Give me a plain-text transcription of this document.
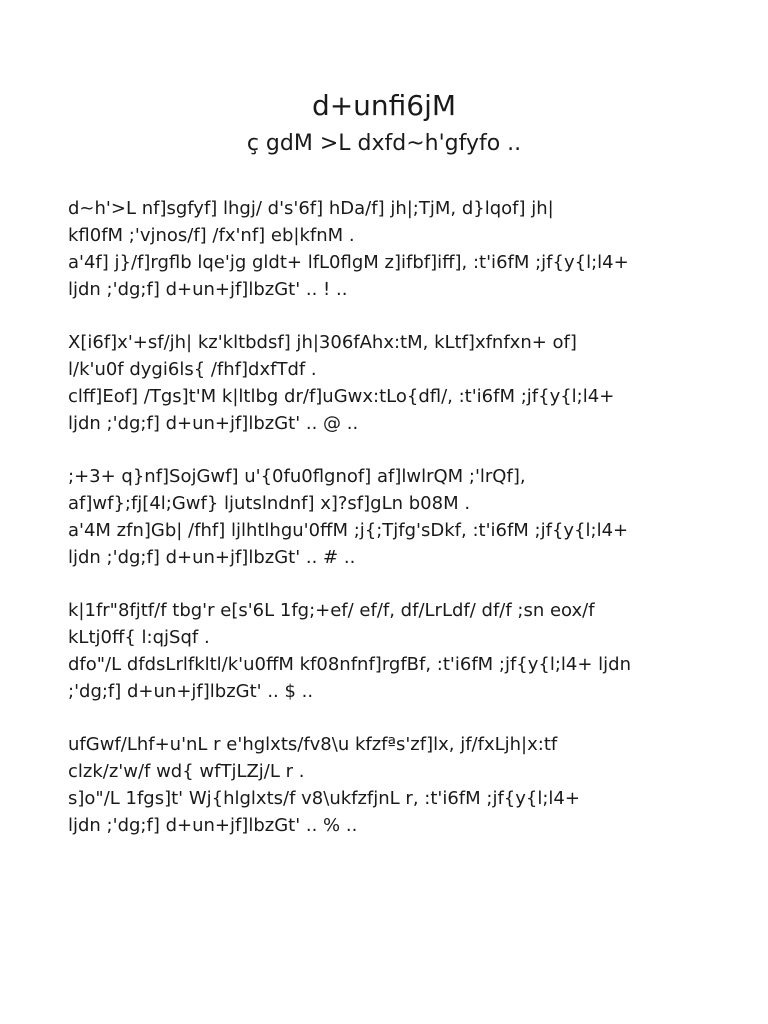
d+unfi6jM
ç gdM >L dxfd~h'gfyfo ..
d~h'>L nf]sgfyf] lhgj/ d's'6f] hDa/f] jh|;TjM, d}lqof] jh|
kfl0fM ;'vjnos/f] /fx'nf] eb|kfnM .
a'4f] j}/f]rgflb lqe'jg gldt+ lfL0flgM z]ifbf]iff], :t'i6fM ;jf{y{l;l4+
ljdn ;'dg;f] d+un+jf]lbzGt' .. ! ..
X[i6f]x'+sf/jh| kz'kltbdsf] jh|306fAhx:tM, kLtf]xfnfxn+ of]
l/k'u0f dygi6ls{ /fhf]dxfTdf .
clff]Eof] /Tgs]t'M k|ltlbg dr/f]uGwx:tLo{dfl/, :t'i6fM ;jf{y{l;l4+
ljdn ;'dg;f] d+un+jf]lbzGt' .. @ ..
;+3+ q}nf]SojGwf] u'{0fu0flgnof] af]lwlrQM ;'lrQf],
af]wf};fj[4l;Gwf} ljutslndnf] x]?sf]gLn b08M .
a'4M zfn]Gb| /fhf] ljlhtlhgu'0ffM ;j{;Tjfg'sDkf, :t'i6fM ;jf{y{l;l4+
ljdn ;'dg;f] d+un+jf]lbzGt' .. # ..
k|1fr"8fjtf/f tbg'r e[s'6L 1fg;+ef/ ef/f, df/LrLdf/ df/f ;sn eox/f
kLtj0ff{ l:qjSqf .
dfo"/L dfdsLrlfkltl/k'u0ffM kf08nfnf]rgfBf, :t'i6fM ;jf{y{l;l4+ ljdn
;'dg;f] d+un+jf]lbzGt' .. $ ..
ufGwf/Lhf+u'nL r e'hglxts/fv8\u kfzfªs'zf]lx, jf/fxLjh|x:tf
clzk/z'w/f wd{ wfTjLZj/L r .
s]o"/L 1fgs]t' Wj{hlglxts/f v8\ukfzfjnL r, :t'i6fM ;jf{y{l;l4+
ljdn ;'dg;f] d+un+jf]lbzGt' .. % ..
